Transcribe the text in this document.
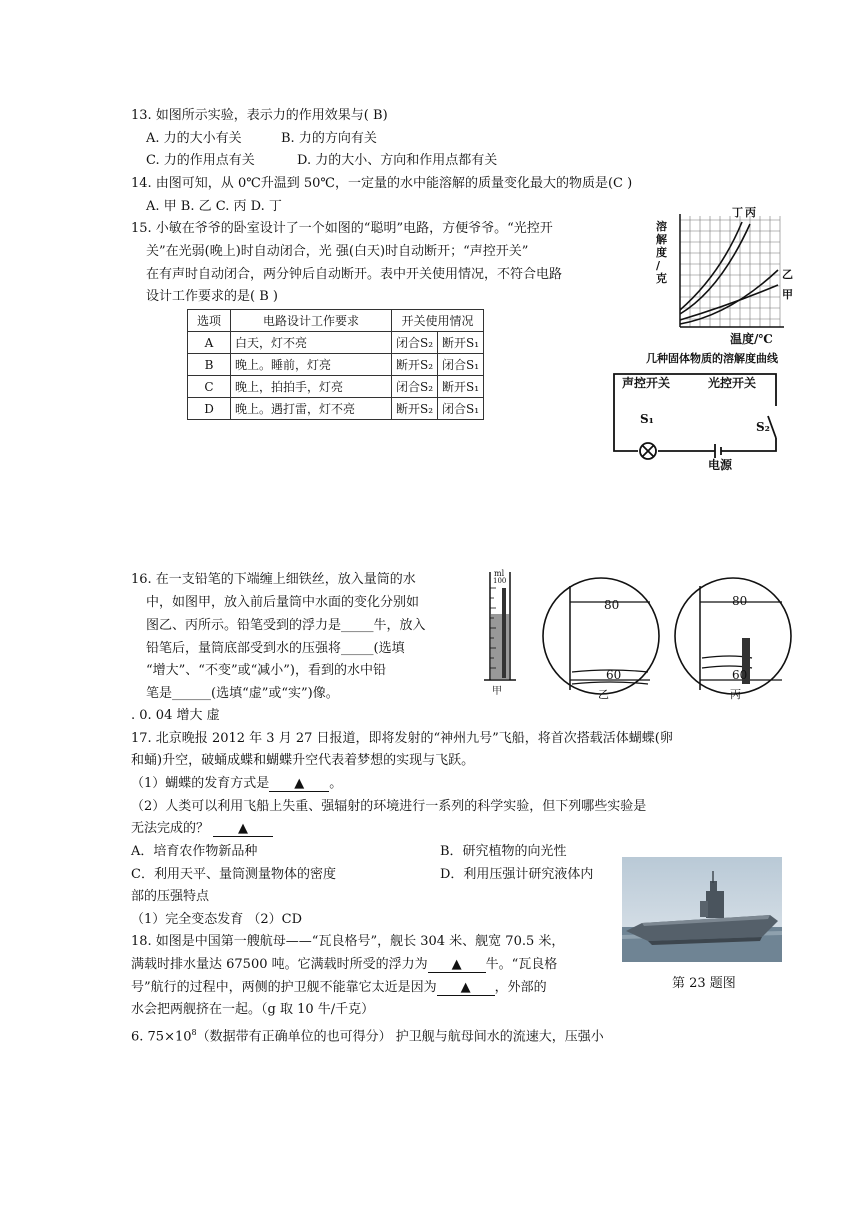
13. 如图所示实验，表示力的作用效果与( B)
A. 力的大小有关	B. 力的方向有关
C. 力的作用点有关	D. 力的大小、方向和作用点都有关
14. 由图可知，从 0℃升温到 50℃，一定量的水中能溶解的质量变化最大的物质是(C )
A. 甲 B. 乙 C. 丙 D. 丁
15. 小敏在爷爷的卧室设计了一个如图的“聪明”电路，方便爷爷。“光控开
关”在光弱(晚上)时自动闭合，光 强(白天)时自动断开；“声控开关”
在有声时自动闭合，两分钟后自动断开。表中开关使用情况，不符合电路
设计工作要求的是( B )
选项	电路设计工作要求	开关使用情况	
A	白天，灯不亮	闭合S₂	断开S₁
B	晚上。睡前，灯亮	断开S₂	闭合S₁
C	晚上，拍拍手，灯亮	闭合S₂	断开S₁
D	晚上。遇打雷，灯不亮	断开S₂	闭合S₁
溶
解
度
/
克
丁 丙
乙
甲
温度/℃
几种固体物质的溶解度曲线
声控开关	光控开关
S₁
S₂
电源
16. 在一支铅笔的下端缠上细铁丝，放入量筒的水
中，如图甲，放入前后量筒中水面的变化分别如
图乙、丙所示。铅笔受到的浮力是_____牛，放入
铅笔后，量筒底部受到水的压强将_____(选填
“增大”、“不变”或“减小”)，看到的水中铅
笔是______(选填“虚”或“实”)像。
. 0. 04 增大 虚
ml
100
甲
80
60
乙
80
60
丙
17. 北京晚报 2012 年 3 月 27 日报道，即将发射的“神州九号”飞船，将首次搭载活体蝴蝶(卵
和蛹)升空，破蛹成蝶和蝴蝶升空代表着梦想的实现与飞跃。
（1）蝴蝶的发育方式是 ▲ 。
（2）人类可以利用飞船上失重、强辐射的环境进行一系列的科学实验，但下列哪些实验是
无法完成的？ ▲
A．培育农作物新品种	B．研究植物的向光性
C．利用天平、量筒测量物体的密度	D．利用压强计研究液体内
部的压强特点
（1）完全变态发育 （2）CD
第 23 题图
18. 如图是中国第一艘航母——“瓦良格号”，舰长 304 米、舰宽 70.5 米，
满载时排水量达 67500 吨。它满载时所受的浮力为 ▲ 牛。“瓦良格
号”航行的过程中，两侧的护卫舰不能靠它太近是因为 ▲ ，外部的
水会把两舰挤在一起。（g 取 10 牛/千克）
6. $75\times 10^8$（数据带有正确单位的也可得分） 护卫舰与航母间水的流速大，压强小
